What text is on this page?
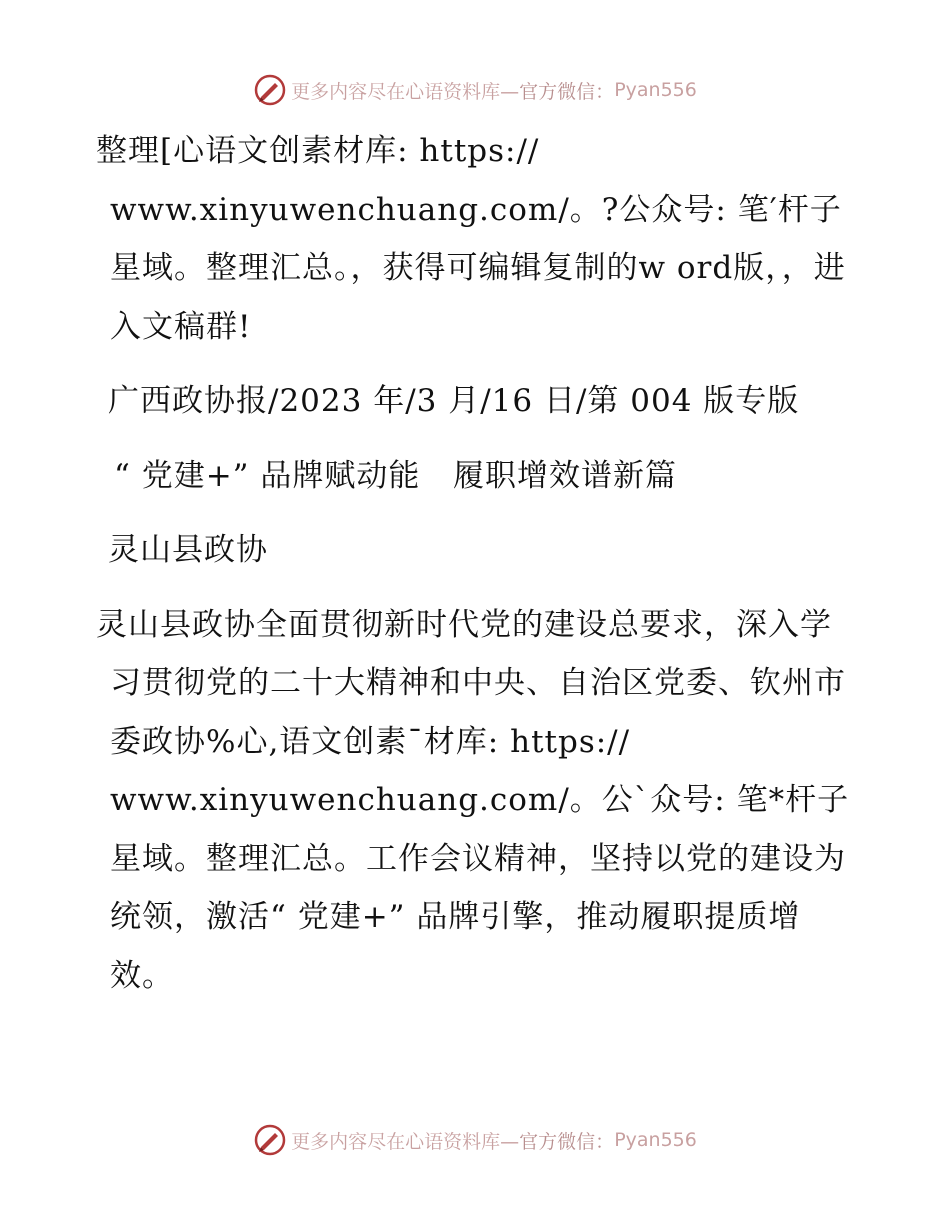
更多内容尽在心语资料库— 官方微信： Pyan556

整理[心语文创素材库: https://
www.xinyuwenchuang.com/。?公众号: 笔′杆子星域。整理汇总。，获得可编辑复制的w ord版，，进入文稿群!

广西政协报/2023 年/3 月/16 日/第 004 版专版

“ 党建+” 品牌赋动能   履职增效谱新篇

灵山县政协

灵山县政协全面贯彻新时代党的建设总要求，深入学习贯彻党的二十大精神和中央、自治区党委、钦州市委政协%心,语文创素¯材库: https://
www.xinyuwenchuang.com/。公`众号: 笔*杆子星域。整理汇总。工作会议精神，坚持以党的建设为统领，激活“ 党建+” 品牌引擎，推动履职提质增效。

更多内容尽在心语资料库— 官方微信： Pyan556
